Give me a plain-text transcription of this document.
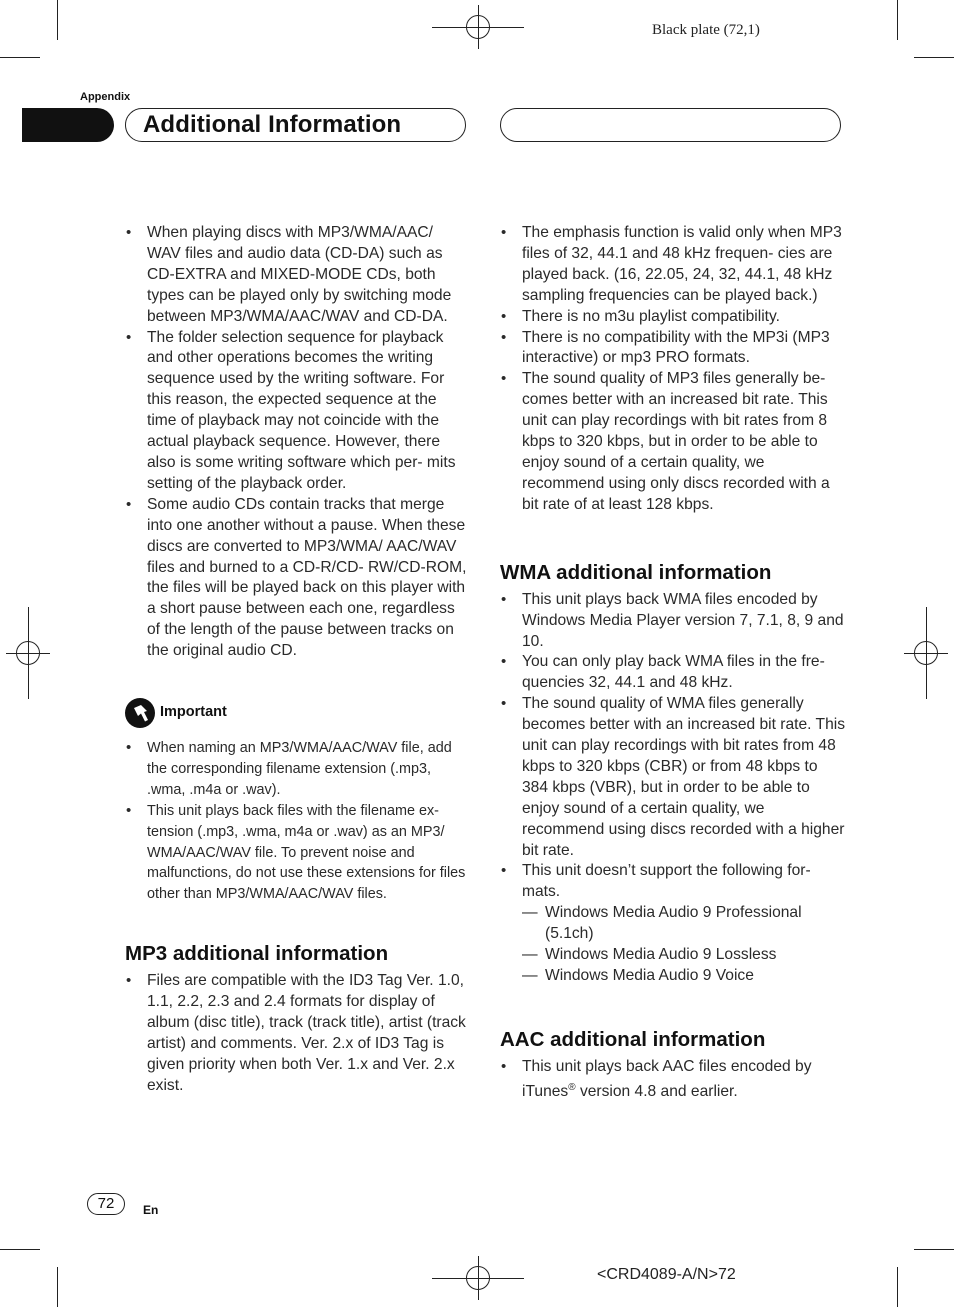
Black plate (72,1)
Appendix
Additional Information
• When playing discs with MP3/WMA/AAC/ WAV files and audio data (CD-DA) such as CD-EXTRA and MIXED-MODE CDs, both types can be played only by switching mode between MP3/WMA/AAC/WAV and CD-DA.
• The folder selection sequence for playback and other operations becomes the writing sequence used by the writing software. For this reason, the expected sequence at the time of playback may not coincide with the actual playback sequence. However, there also is some writing software which per- mits setting of the playback order.
• Some audio CDs contain tracks that merge into one another without a pause. When these discs are converted to MP3/WMA/ AAC/WAV files and burned to a CD-R/CD- RW/CD-ROM, the files will be played back on this player with a short pause between each one, regardless of the length of the pause between tracks on the original audio CD.
Important
• When naming an MP3/WMA/AAC/WAV file, add the corresponding filename extension (.mp3, .wma, .m4a or .wav).
• This unit plays back files with the filename ex- tension (.mp3, .wma, m4a or .wav) as an MP3/ WMA/AAC/WAV file. To prevent noise and malfunctions, do not use these extensions for files other than MP3/WMA/AAC/WAV files.
MP3 additional information
• Files are compatible with the ID3 Tag Ver. 1.0, 1.1, 2.2, 2.3 and 2.4 formats for display of album (disc title), track (track title), artist (track artist) and comments. Ver. 2.x of ID3 Tag is given priority when both Ver. 1.x and Ver. 2.x exist.
• The emphasis function is valid only when MP3 files of 32, 44.1 and 48 kHz frequen- cies are played back. (16, 22.05, 24, 32, 44.1, 48 kHz sampling frequencies can be played back.)
• There is no m3u playlist compatibility.
• There is no compatibility with the MP3i (MP3 interactive) or mp3 PRO formats.
• The sound quality of MP3 files generally be- comes better with an increased bit rate. This unit can play recordings with bit rates from 8 kbps to 320 kbps, but in order to be able to enjoy sound of a certain quality, we recommend using only discs recorded with a bit rate of at least 128 kbps.
WMA additional information
• This unit plays back WMA files encoded by Windows Media Player version 7, 7.1, 8, 9 and 10.
• You can only play back WMA files in the fre- quencies 32, 44.1 and 48 kHz.
• The sound quality of WMA files generally becomes better with an increased bit rate. This unit can play recordings with bit rates from 48 kbps to 320 kbps (CBR) or from 48 kbps to 384 kbps (VBR), but in order to be able to enjoy sound of a certain quality, we recommend using discs recorded with a higher bit rate.
• This unit doesn’t support the following for- mats.
— Windows Media Audio 9 Professional (5.1ch)
— Windows Media Audio 9 Lossless
— Windows Media Audio 9 Voice
AAC additional information
• This unit plays back AAC files encoded by iTunes® version 4.8 and earlier.
72	En
<CRD4089-A/N>72
